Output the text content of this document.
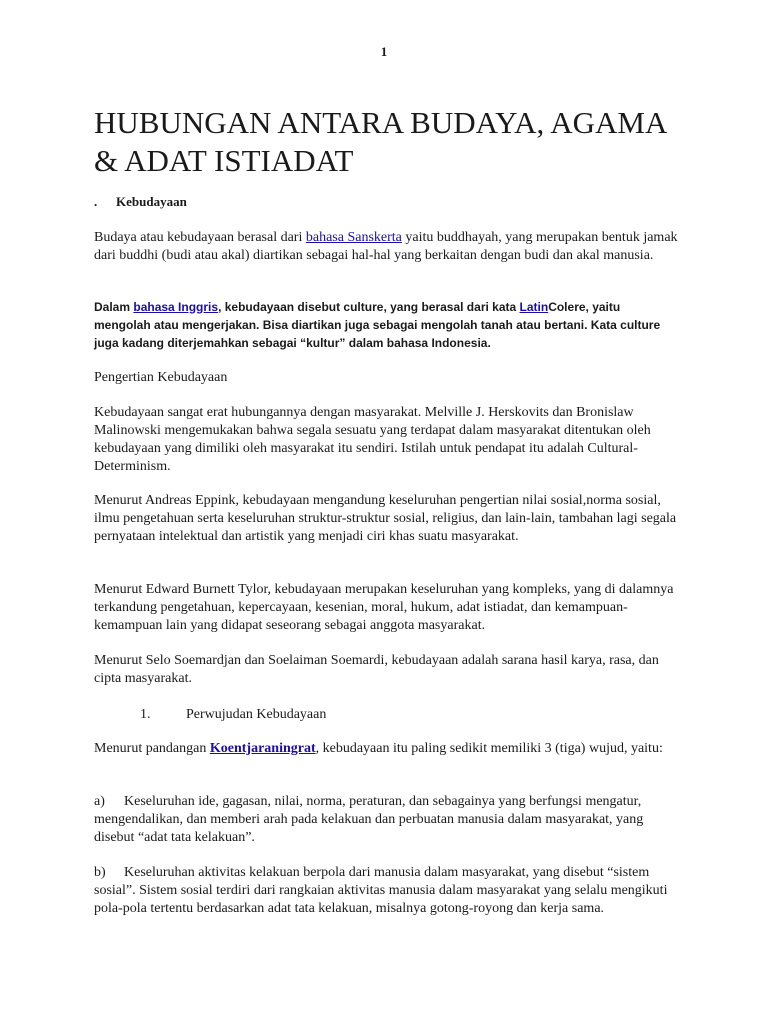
1
HUBUNGAN ANTARA BUDAYA, AGAMA
& ADAT ISTIADAT
. Kebudayaan

Budaya atau kebudayaan berasal dari bahasa Sanskerta yaitu buddhayah, yang merupakan bentuk jamak dari buddhi (budi atau akal) diartikan sebagai hal-hal yang berkaitan dengan budi dan akal manusia.

Dalam bahasa Inggris, kebudayaan disebut culture, yang berasal dari kata LatinColere, yaitu mengolah atau mengerjakan. Bisa diartikan juga sebagai mengolah tanah atau bertani. Kata culture juga kadang diterjemahkan sebagai “kultur” dalam bahasa Indonesia.

Pengertian Kebudayaan

Kebudayaan sangat erat hubungannya dengan masyarakat. Melville J. Herskovits dan Bronislaw Malinowski mengemukakan bahwa segala sesuatu yang terdapat dalam masyarakat ditentukan oleh kebudayaan yang dimiliki oleh masyarakat itu sendiri. Istilah untuk pendapat itu adalah Cultural-Determinism.

Menurut Andreas Eppink, kebudayaan mengandung keseluruhan pengertian nilai sosial,norma sosial, ilmu pengetahuan serta keseluruhan struktur-struktur sosial, religius, dan lain-lain, tambahan lagi segala pernyataan intelektual dan artistik yang menjadi ciri khas suatu masyarakat.

Menurut Edward Burnett Tylor, kebudayaan merupakan keseluruhan yang kompleks, yang di dalamnya terkandung pengetahuan, kepercayaan, kesenian, moral, hukum, adat istiadat, dan kemampuan-kemampuan lain yang didapat seseorang sebagai anggota masyarakat.

Menurut Selo Soemardjan dan Soelaiman Soemardi, kebudayaan adalah sarana hasil karya, rasa, dan cipta masyarakat.

1.	Perwujudan Kebudayaan

Menurut pandangan Koentjaraningrat, kebudayaan itu paling sedikit memiliki 3 (tiga) wujud, yaitu:

a) Keseluruhan ide, gagasan, nilai, norma, peraturan, dan sebagainya yang berfungsi mengatur, mengendalikan, dan memberi arah pada kelakuan dan perbuatan manusia dalam masyarakat, yang disebut “adat tata kelakuan”.

b) Keseluruhan aktivitas kelakuan berpola dari manusia dalam masyarakat, yang disebut “sistem sosial”. Sistem sosial terdiri dari rangkaian aktivitas manusia dalam masyarakat yang selalu mengikuti pola-pola tertentu berdasarkan adat tata kelakuan, misalnya gotong-royong dan kerja sama.
